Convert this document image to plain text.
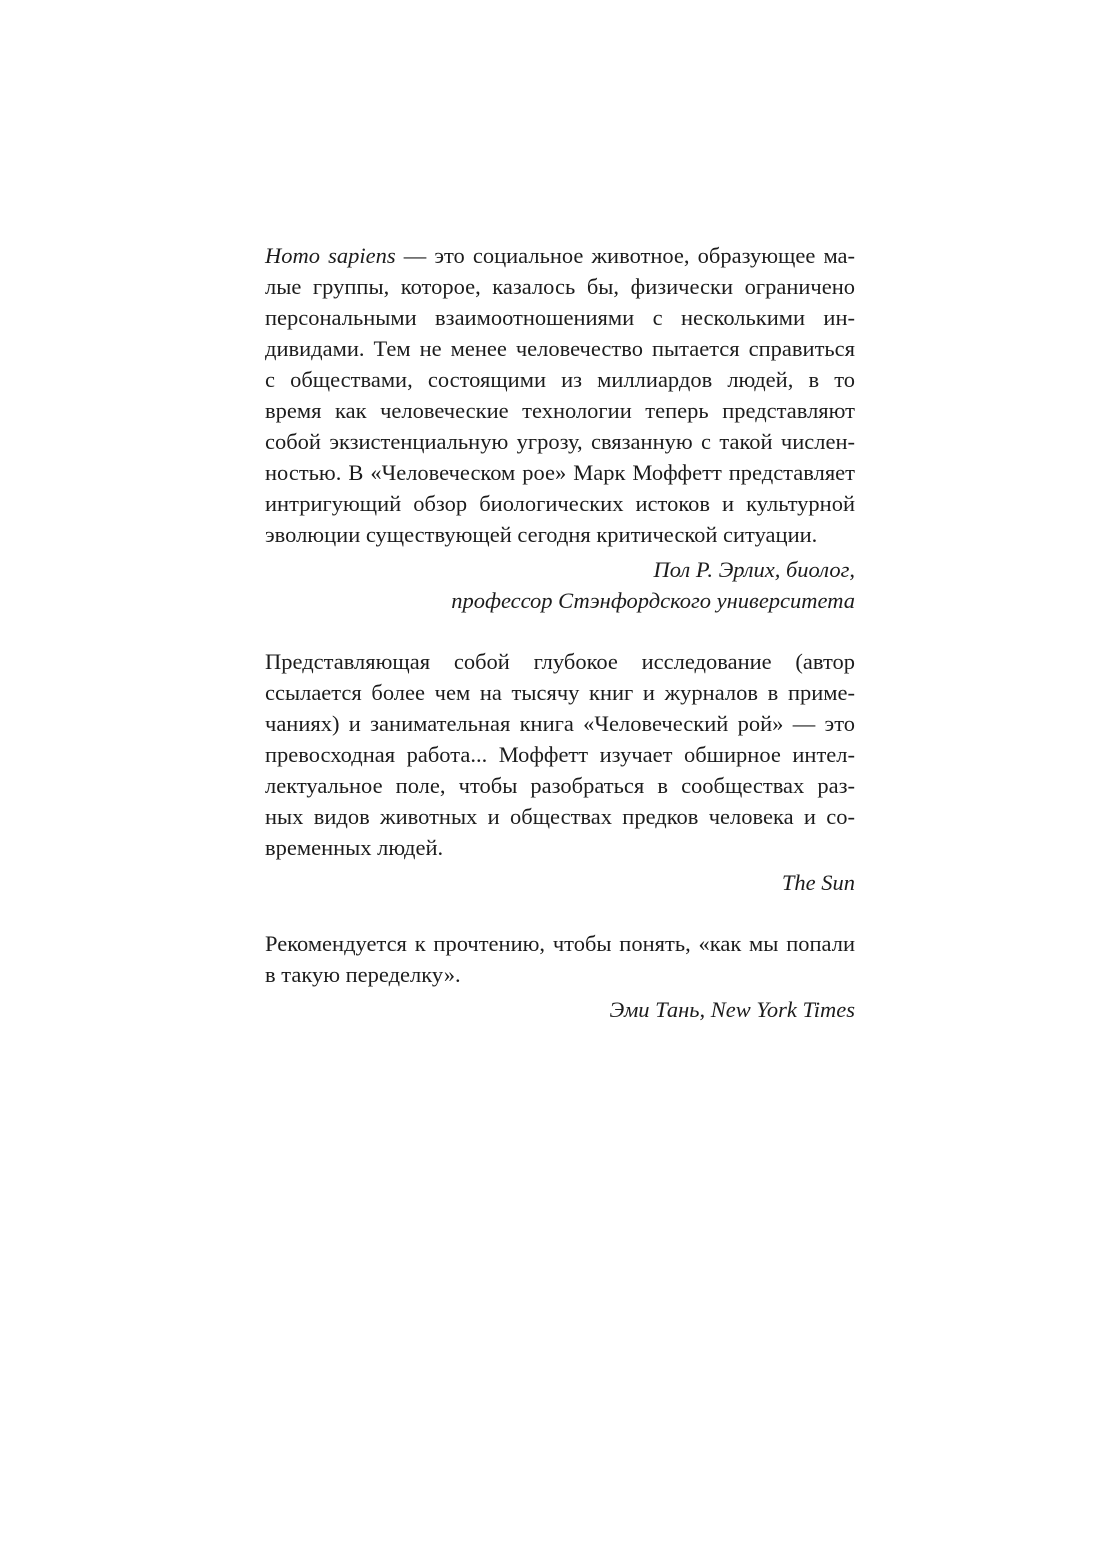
Homo sapiens — это социальное животное, образующее ма-
лые группы, которое, казалось бы, физически ограничено
персональными взаимоотношениями с несколькими ин-
дивидами. Тем не менее человечество пытается справиться
с обществами, состоящими из миллиардов людей, в то
время как человеческие технологии теперь представляют
собой экзистенциальную угрозу, связанную с такой числен-
ностью. В «Человеческом рое» Марк Моффетт представляет
интригующий обзор биологических истоков и культурной
эволюции существующей сегодня критической ситуации.
Пол Р. Эрлих, биолог,
профессор Стэнфордского университета
Представляющая собой глубокое исследование (автор
ссылается более чем на тысячу книг и журналов в приме-
чаниях) и занимательная книга «Человеческий рой» — это
превосходная работа... Моффетт изучает обширное интел-
лектуальное поле, чтобы разобраться в сообществах раз-
ных видов животных и обществах предков человека и со-
временных людей.
The Sun
Рекомендуется к прочтению, чтобы понять, «как мы попали
в такую переделку».
Эми Тань, New York Times
